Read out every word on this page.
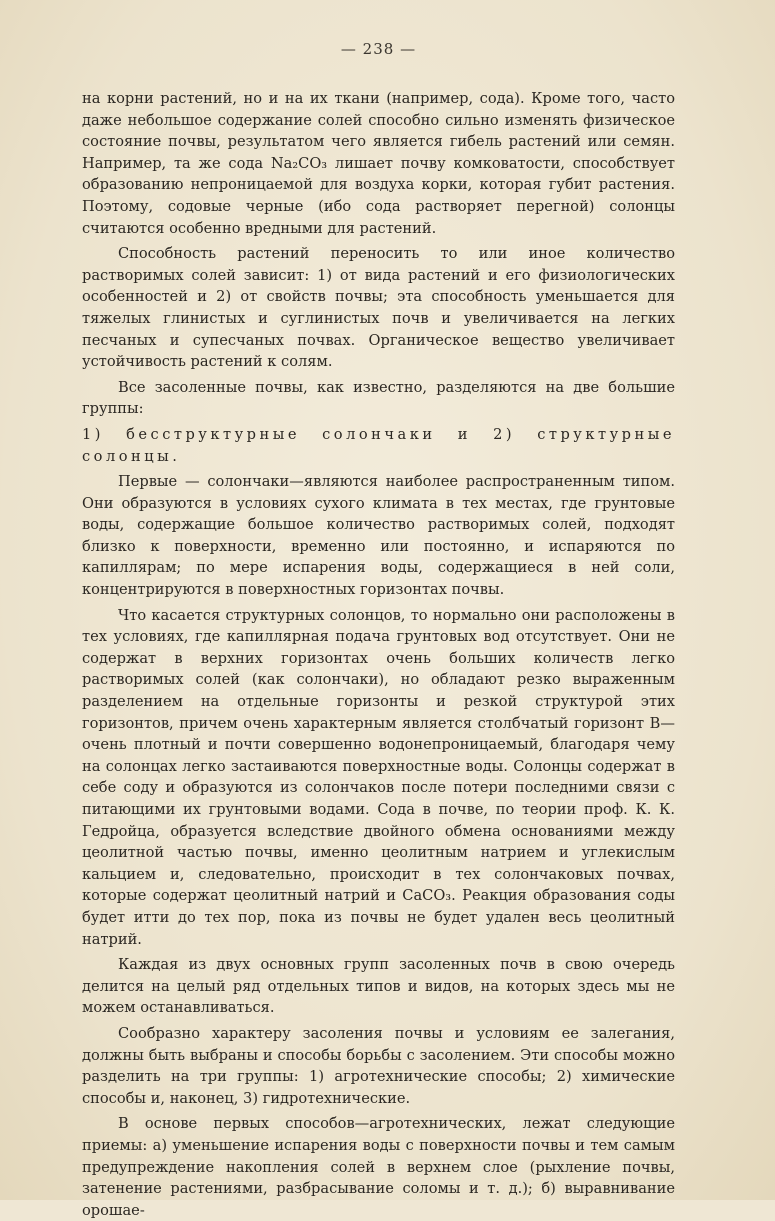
— 238 —

на корни растений, но и на их ткани (например, сода). Кроме того, часто даже небольшое содержание солей способно сильно изменять физическое состояние почвы, результатом чего является гибель растений или семян. Например, та же сода Na₂CO₃ лишает почву комковатости, способствует образованию непроницаемой для воздуха корки, которая губит растения. Поэтому, содовые черные (ибо сода растворяет перегной) солонцы считаются особенно вредными для растений.

Способность растений переносить то или иное количество растворимых солей зависит: 1) от вида растений и его физиологических особенностей и 2) от свойств почвы; эта способность уменьшается для тяжелых глинистых и суглинистых почв и увеличивается на легких песчаных и супесчаных почвах. Органическое вещество увеличивает устойчивость растений к солям.

Все засоленные почвы, как известно, разделяются на две большие группы:

1) бесструктурные солончаки и 2) структурные солонцы.

Первые — солончаки—являются наиболее распространенным типом. Они образуются в условиях сухого климата в тех местах, где грунтовые воды, содержащие большое количество растворимых солей, подходят близко к поверхности, временно или постоянно, и испаряются по капиллярам; по мере испарения воды, содержащиеся в ней соли, концентрируются в поверхностных горизонтах почвы.

Что касается структурных солонцов, то нормально они расположены в тех условиях, где капиллярная подача грунтовых вод отсутствует. Они не содержат в верхних горизонтах очень больших количеств легко растворимых солей (как солончаки), но обладают резко выраженным разделением на отдельные горизонты и резкой структурой этих горизонтов, причем очень характерным является столбчатый горизонт B—очень плотный и почти совершенно водонепроницаемый, благодаря чему на солонцах легко застаиваются поверхностные воды. Солонцы содержат в себе соду и образуются из солончаков после потери последними связи с питающими их грунтовыми водами. Сода в почве, по теории проф. К. К. Гедройца, образуется вследствие двойного обмена основаниями между цеолитной частью почвы, именно цеолитным натрием и углекислым кальцием и, следовательно, происходит в тех солончаковых почвах, которые содержат цеолитный натрий и CaCO₃. Реакция образования соды будет итти до тех пор, пока из почвы не будет удален весь цеолитный натрий.

Каждая из двух основных групп засоленных почв в свою очередь делится на целый ряд отдельных типов и видов, на которых здесь мы не можем останавливаться.

Сообразно характеру засоления почвы и условиям ее залегания, должны быть выбраны и способы борьбы с засолением. Эти способы можно разделить на три группы: 1) агротехнические способы; 2) химические способы и, наконец, 3) гидротехнические.

В основе первых способов—агротехнических, лежат следующие приемы: а) уменьшение испарения воды с поверхности почвы и тем самым предупреждение накопления солей в верхнем слое (рыхление почвы, затенение растениями, разбрасывание соломы и т. д.); б) выравнивание орошае-
